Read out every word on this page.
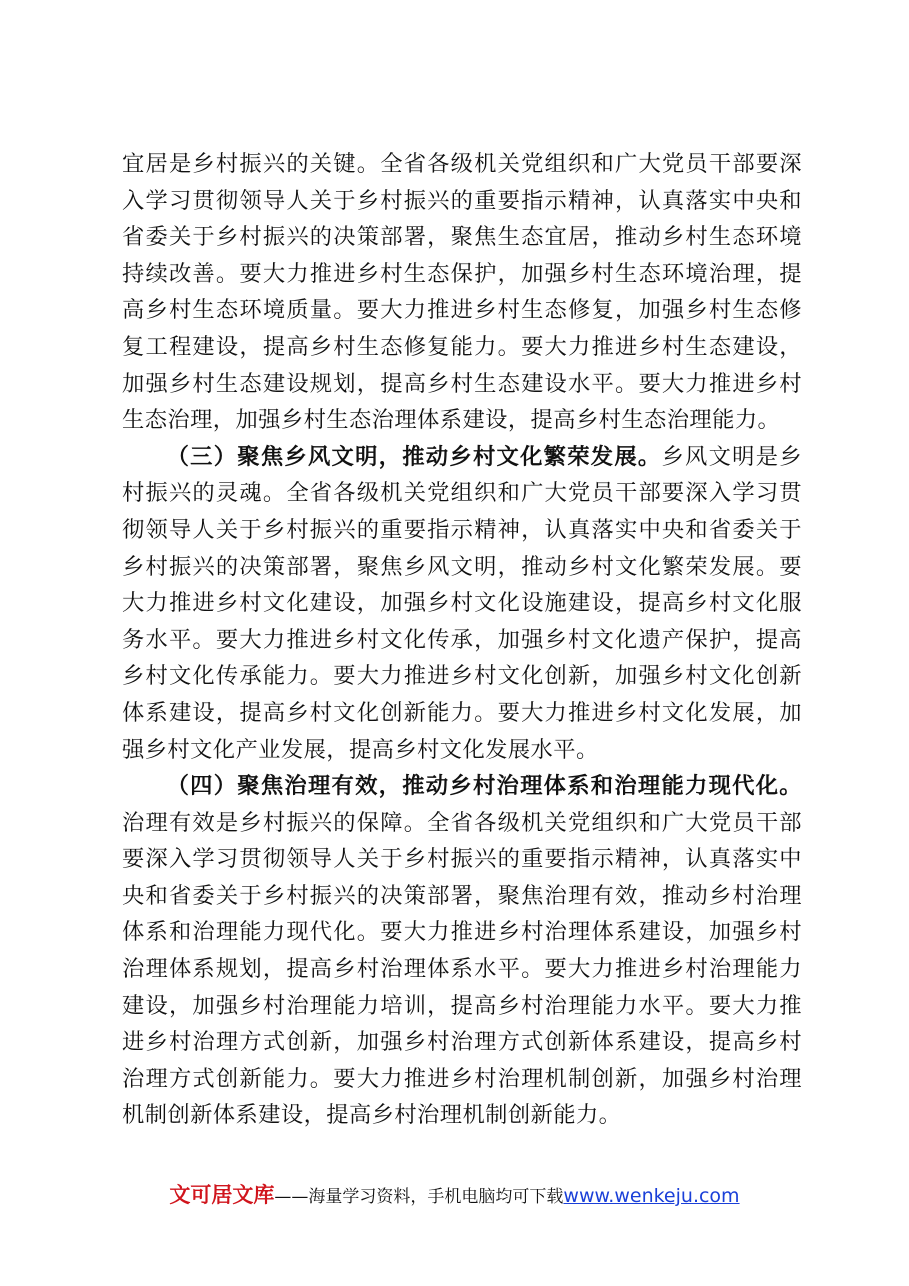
宜居是乡村振兴的关键。全省各级机关党组织和广大党员干部要深入学习贯彻领导人关于乡村振兴的重要指示精神，认真落实中央和省委关于乡村振兴的决策部署，聚焦生态宜居，推动乡村生态环境持续改善。要大力推进乡村生态保护，加强乡村生态环境治理，提高乡村生态环境质量。要大力推进乡村生态修复，加强乡村生态修复工程建设，提高乡村生态修复能力。要大力推进乡村生态建设，加强乡村生态建设规划，提高乡村生态建设水平。要大力推进乡村生态治理，加强乡村生态治理体系建设，提高乡村生态治理能力。

（三）聚焦乡风文明，推动乡村文化繁荣发展。乡风文明是乡村振兴的灵魂。全省各级机关党组织和广大党员干部要深入学习贯彻领导人关于乡村振兴的重要指示精神，认真落实中央和省委关于乡村振兴的决策部署，聚焦乡风文明，推动乡村文化繁荣发展。要大力推进乡村文化建设，加强乡村文化设施建设，提高乡村文化服务水平。要大力推进乡村文化传承，加强乡村文化遗产保护，提高乡村文化传承能力。要大力推进乡村文化创新，加强乡村文化创新体系建设，提高乡村文化创新能力。要大力推进乡村文化发展，加强乡村文化产业发展，提高乡村文化发展水平。

（四）聚焦治理有效，推动乡村治理体系和治理能力现代化。治理有效是乡村振兴的保障。全省各级机关党组织和广大党员干部要深入学习贯彻领导人关于乡村振兴的重要指示精神，认真落实中央和省委关于乡村振兴的决策部署，聚焦治理有效，推动乡村治理体系和治理能力现代化。要大力推进乡村治理体系建设，加强乡村治理体系规划，提高乡村治理体系水平。要大力推进乡村治理能力建设，加强乡村治理能力培训，提高乡村治理能力水平。要大力推进乡村治理方式创新，加强乡村治理方式创新体系建设，提高乡村治理方式创新能力。要大力推进乡村治理机制创新，加强乡村治理机制创新体系建设，提高乡村治理机制创新能力。

文可居文库——海量学习资料，手机电脑均可下载www.wenkeju.com
